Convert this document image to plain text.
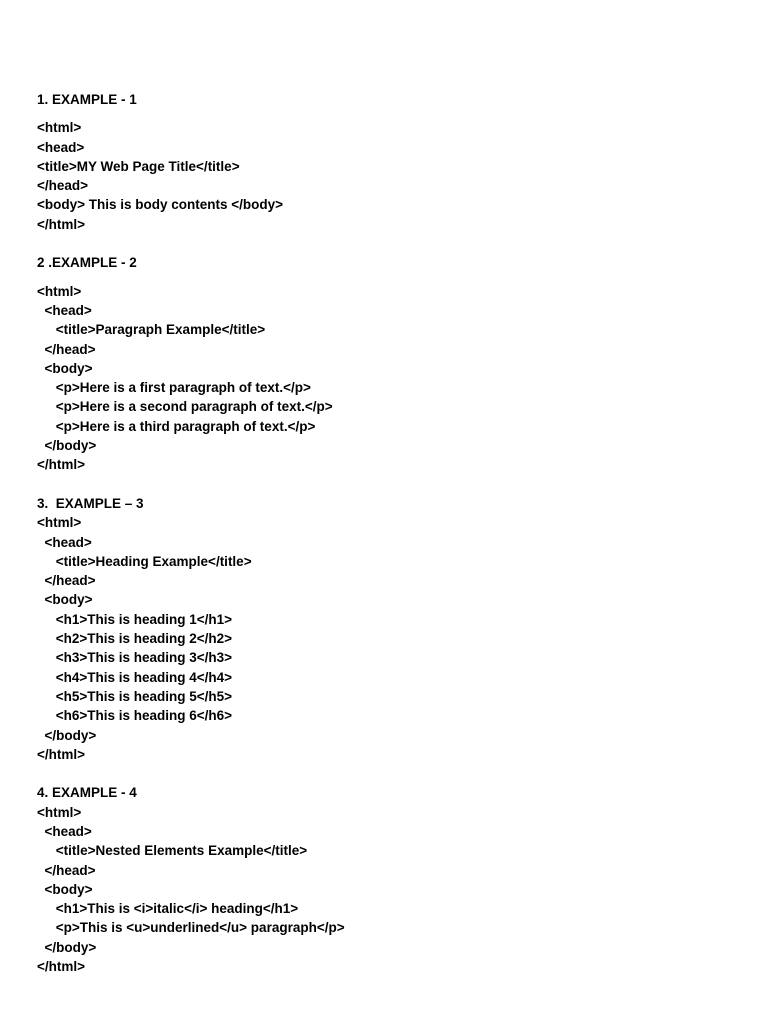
1. EXAMPLE - 1
<html>
<head>
<title>MY Web Page Title</title>
</head>
<body> This is body contents </body>
</html>
2 .EXAMPLE - 2
<html>
<head>
<title>Paragraph Example</title>
</head>
<body>
<p>Here is a first paragraph of text.</p>
<p>Here is a second paragraph of text.</p>
<p>Here is a third paragraph of text.</p>
</body>
</html>
3.  EXAMPLE – 3
<html>
<head>
<title>Heading Example</title>
</head>
<body>
<h1>This is heading 1</h1>
<h2>This is heading 2</h2>
<h3>This is heading 3</h3>
<h4>This is heading 4</h4>
<h5>This is heading 5</h5>
<h6>This is heading 6</h6>
</body>
</html>
4. EXAMPLE - 4
<html>
<head>
<title>Nested Elements Example</title>
</head>
<body>
<h1>This is <i>italic</i> heading</h1>
<p>This is <u>underlined</u> paragraph</p>
</body>
</html>
